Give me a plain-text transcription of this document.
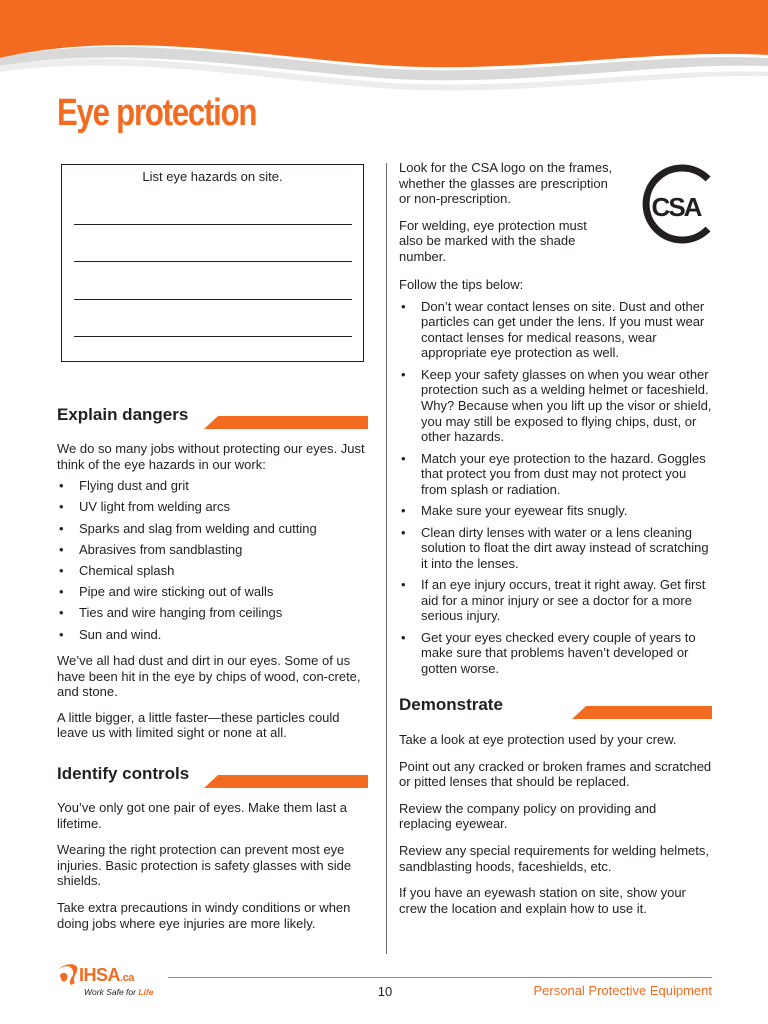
Eye protection
List eye hazards on site.
Explain dangers

We do so many jobs without protecting our eyes. Just think of the eye hazards in our work:

• Flying dust and grit
• UV light from welding arcs
• Sparks and slag from welding and cutting
• Abrasives from sandblasting
• Chemical splash
• Pipe and wire sticking out of walls
• Ties and wire hanging from ceilings
• Sun and wind.

We’ve all had dust and dirt in our eyes. Some of us have been hit in the eye by chips of wood, con-crete, and stone.

A little bigger, a little faster—these particles could leave us with limited sight or none at all.

Identify controls

You’ve only got one pair of eyes. Make them last a lifetime.

Wearing the right protection can prevent most eye injuries. Basic protection is safety glasses with side shields.

Take extra precautions in windy conditions or when doing jobs where eye injuries are more likely.

CSA

Look for the CSA logo on the frames, whether the glasses are prescription or non-prescription.

For welding, eye protection must also be marked with the shade number.

Follow the tips below:

• Don’t wear contact lenses on site. Dust and other particles can get under the lens. If you must wear contact lenses for medical reasons, wear appropriate eye protection as well.
• Keep your safety glasses on when you wear other protection such as a welding helmet or faceshield. Why? Because when you lift up the visor or shield, you may still be exposed to flying chips, dust, or other hazards.
• Match your eye protection to the hazard. Goggles that protect you from dust may not protect you from splash or radiation.
• Make sure your eyewear fits snugly.
• Clean dirty lenses with water or a lens cleaning solution to float the dirt away instead of scratching it into the lenses.
• If an eye injury occurs, treat it right away. Get first aid for a minor injury or see a doctor for a more serious injury.
• Get your eyes checked every couple of years to make sure that problems haven’t developed or gotten worse.
Demonstrate

Take a look at eye protection used by your crew.

Point out any cracked or broken frames and scratched or pitted lenses that should be replaced.

Review the company policy on providing and replacing eyewear.

Review any special requirements for welding helmets, sandblasting hoods, faceshields, etc.

If you have an eyewash station on site, show your crew the location and explain how to use it.

IHSA.ca
Work Safe for Life	10	Personal Protective Equipment
